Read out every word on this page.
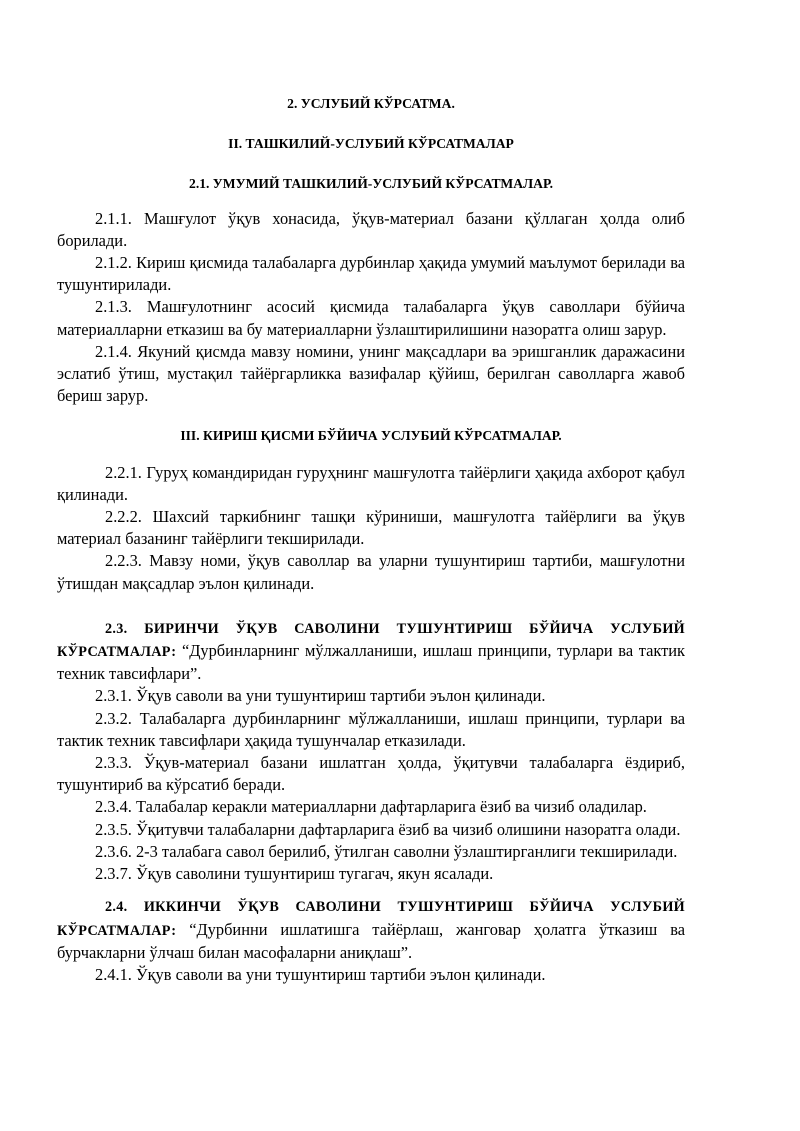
2. УСЛУБИЙ КЎРСАТМА.

II. ТАШКИЛИЙ-УСЛУБИЙ КЎРСАТМАЛАР

2.1. УМУМИЙ ТАШКИЛИЙ-УСЛУБИЙ КЎРСАТМАЛАР.

2.1.1. Машғулот ўқув хонасида, ўқув-материал базани қўллаган ҳолда олиб борилади.

2.1.2. Кириш қисмида талабаларга дурбинлар ҳақида умумий маълумот берилади ва тушунтирилади.

2.1.3. Машғулотнинг асосий қисмида талабаларга ўқув саволлари бўйича материалларни етказиш ва бу материалларни ўзлаштирилишини назоратга олиш зарур.

2.1.4. Якуний қисмда мавзу номини, унинг мақсадлари ва эришганлик даражасини эслатиб ўтиш, мустақил тайёргарликка вазифалар қўйиш, берилган саволларга жавоб бериш зарур.

III. КИРИШ ҚИСМИ БЎЙИЧА УСЛУБИЙ КЎРСАТМАЛАР.

2.2.1. Гуруҳ командиридан гуруҳнинг машғулотга тайёрлиги ҳақида ахборот қабул қилинади.

2.2.2. Шахсий таркибнинг ташқи кўриниши, машғулотга тайёрлиги ва ўқув материал базанинг тайёрлиги текширилади.

2.2.3. Мавзу номи, ўқув саволлар ва уларни тушунтириш тартиби, машғулотни ўтишдан мақсадлар эълон қилинади.

2.3. БИРИНЧИ ЎҚУВ САВОЛИНИ ТУШУНТИРИШ БЎЙИЧА УСЛУБИЙ КЎРСАТМАЛАР: “Дурбинларнинг мўлжалланиши, ишлаш принципи, турлари ва тактик техник тавсифлари”.

2.3.1. Ўқув саволи ва уни тушунтириш тартиби эълон қилинади.

2.3.2. Талабаларга дурбинларнинг мўлжалланиши, ишлаш принципи, турлари ва тактик техник тавсифлари ҳақида тушунчалар етказилади.

2.3.3. Ўқув-материал базани ишлатган ҳолда, ўқитувчи талабаларга ёздириб, тушунтириб ва кўрсатиб беради.

2.3.4. Талабалар керакли материалларни дафтарларига ёзиб ва чизиб оладилар.

2.3.5. Ўқитувчи талабаларни дафтарларига ёзиб ва чизиб олишини назоратга олади.

2.3.6. 2-3 талабага савол берилиб, ўтилган саволни ўзлаштирганлиги текширилади.

2.3.7. Ўқув саволини тушунтириш тугагач, якун ясалади.

2.4. ИККИНЧИ ЎҚУВ САВОЛИНИ ТУШУНТИРИШ БЎЙИЧА УСЛУБИЙ КЎРСАТМАЛАР: “Дурбинни ишлатишга тайёрлаш, жанговар ҳолатга ўтказиш ва бурчакларни ўлчаш билан масофаларни аниқлаш”.

2.4.1. Ўқув саволи ва уни тушунтириш тартиби эълон қилинади.
